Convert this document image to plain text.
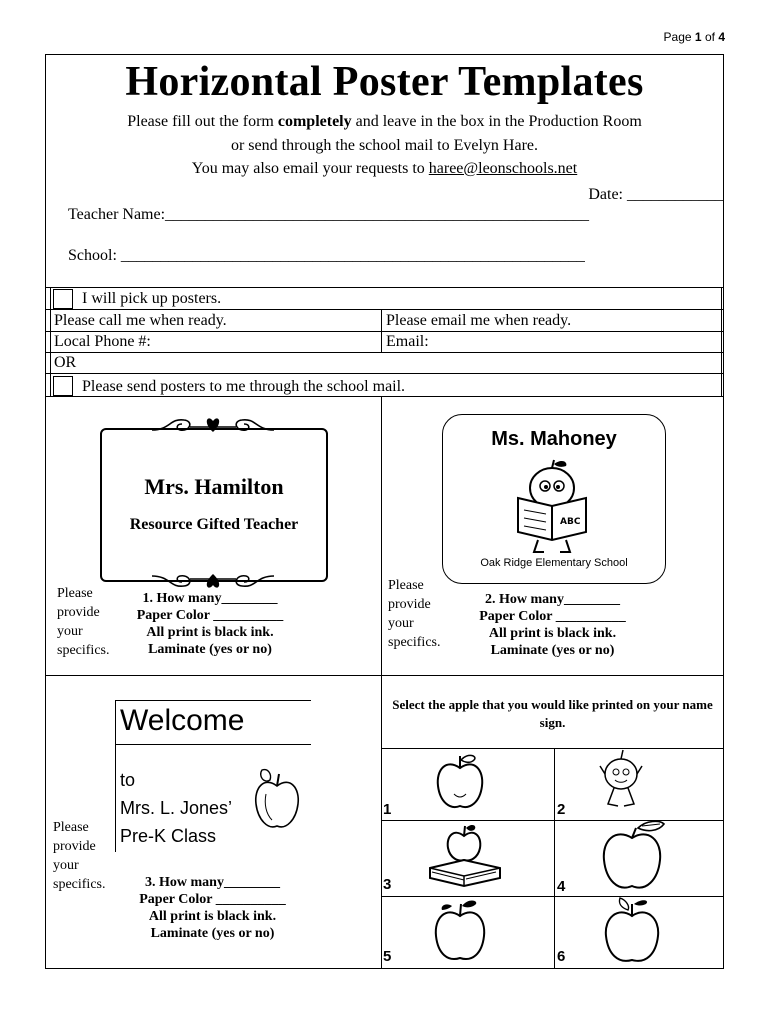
Page 1 of 4
Horizontal Poster Templates
Please fill out the form completely and leave in the box in the Production Room
or send through the school mail to Evelyn Hare.
You may also email your requests to haree@leonschools.net
Date: ____________
Teacher Name:_____________________________________________________
School: __________________________________________________________
I will pick up posters.
Please call me when ready.	Please email me when ready.
Local Phone #:	Email:
OR
Please send posters to me through the school mail.
Mrs. Hamilton
Resource Gifted Teacher
Please
provide
your
specifics.
1. How many________
Paper Color __________
All print is black ink.
Laminate (yes or no)
Ms. Mahoney
ABC
Oak Ridge Elementary School
Please
provide
your
specifics.
2. How many________
Paper Color __________
All print is black ink.
Laminate (yes or no)
Welcome
to
Mrs. L. Jones’
Pre-K Class
Please
provide
your
specifics.	3. How many________
Paper Color __________
All print is black ink.
Laminate (yes or no)
Select the apple that you would like printed on your name sign.
1	2
3	4
5	6
